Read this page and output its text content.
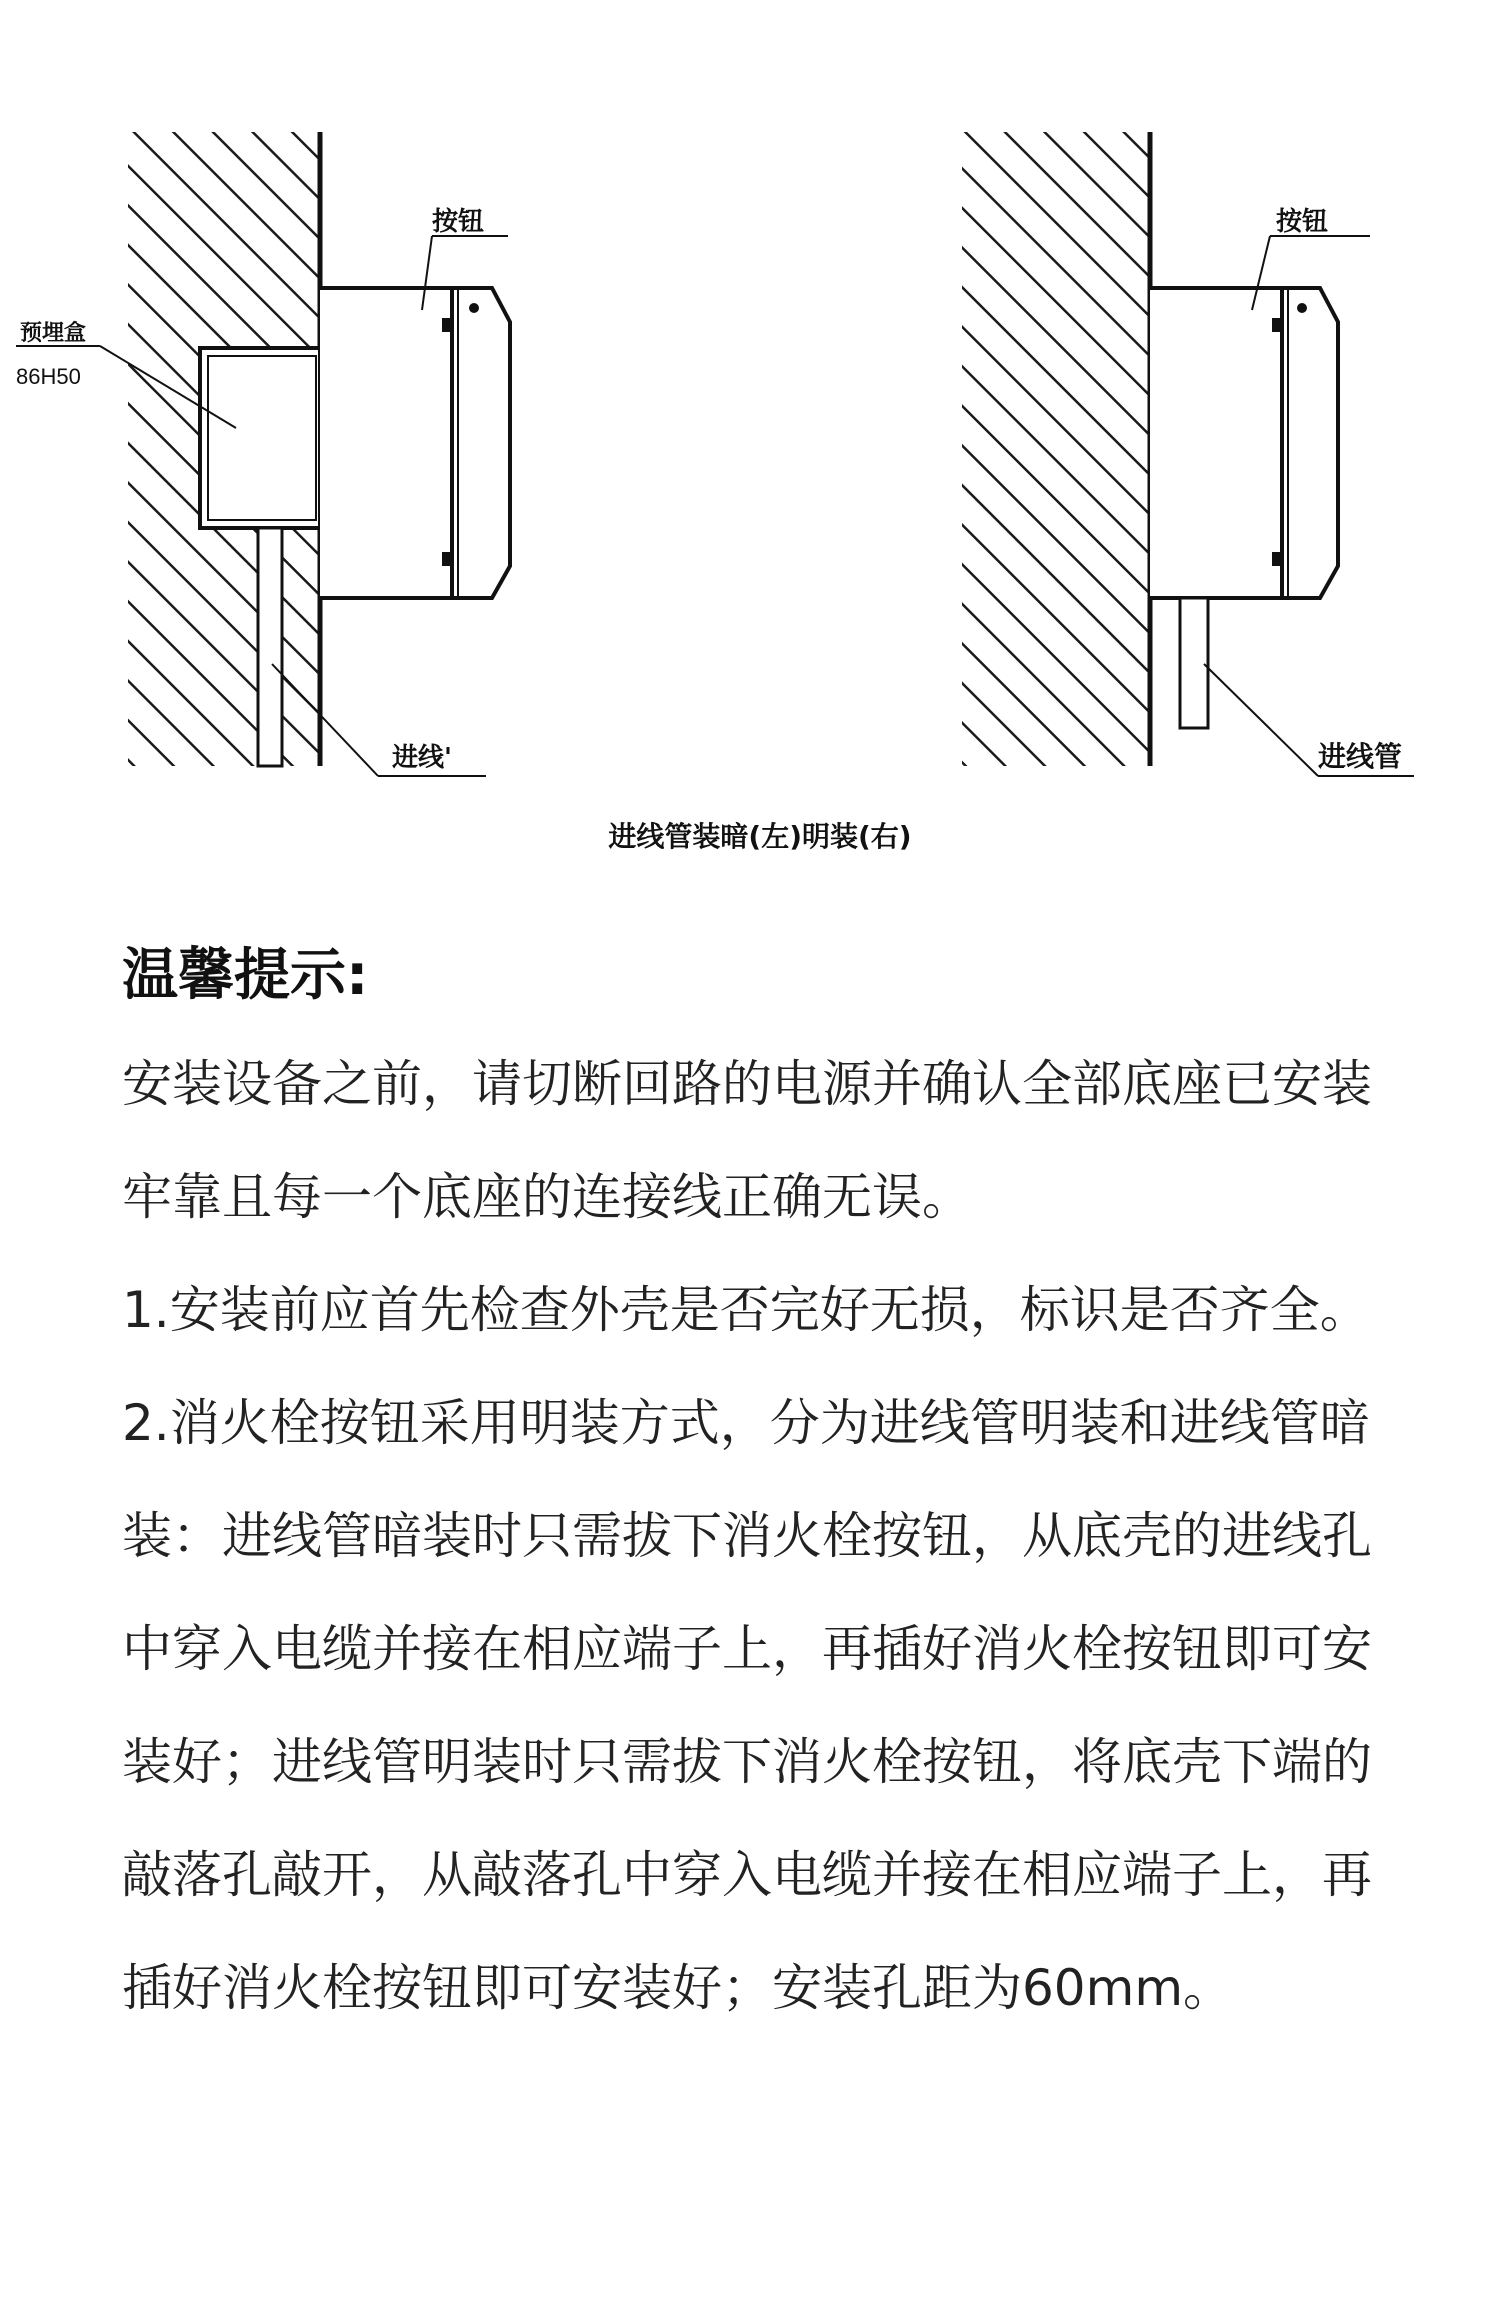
预埋盒
86H50
按钮
进线'
按钮
进线管
进线管装暗(左)明装(右)
温馨提示:

安装设备之前，请切断回路的电源并确认全部底座已安装牢靠且每一个底座的连接线正确无误。

1.安装前应首先检查外壳是否完好无损，标识是否齐全。

2.消火栓按钮采用明装方式，分为进线管明装和进线管暗装：进线管暗装时只需拔下消火栓按钮，从底壳的进线孔中穿入电缆并接在相应端子上，再插好消火栓按钮即可安装好；进线管明装时只需拔下消火栓按钮，将底壳下端的敲落孔敲开，从敲落孔中穿入电缆并接在相应端子上，再插好消火栓按钮即可安装好；安装孔距为60mm。
